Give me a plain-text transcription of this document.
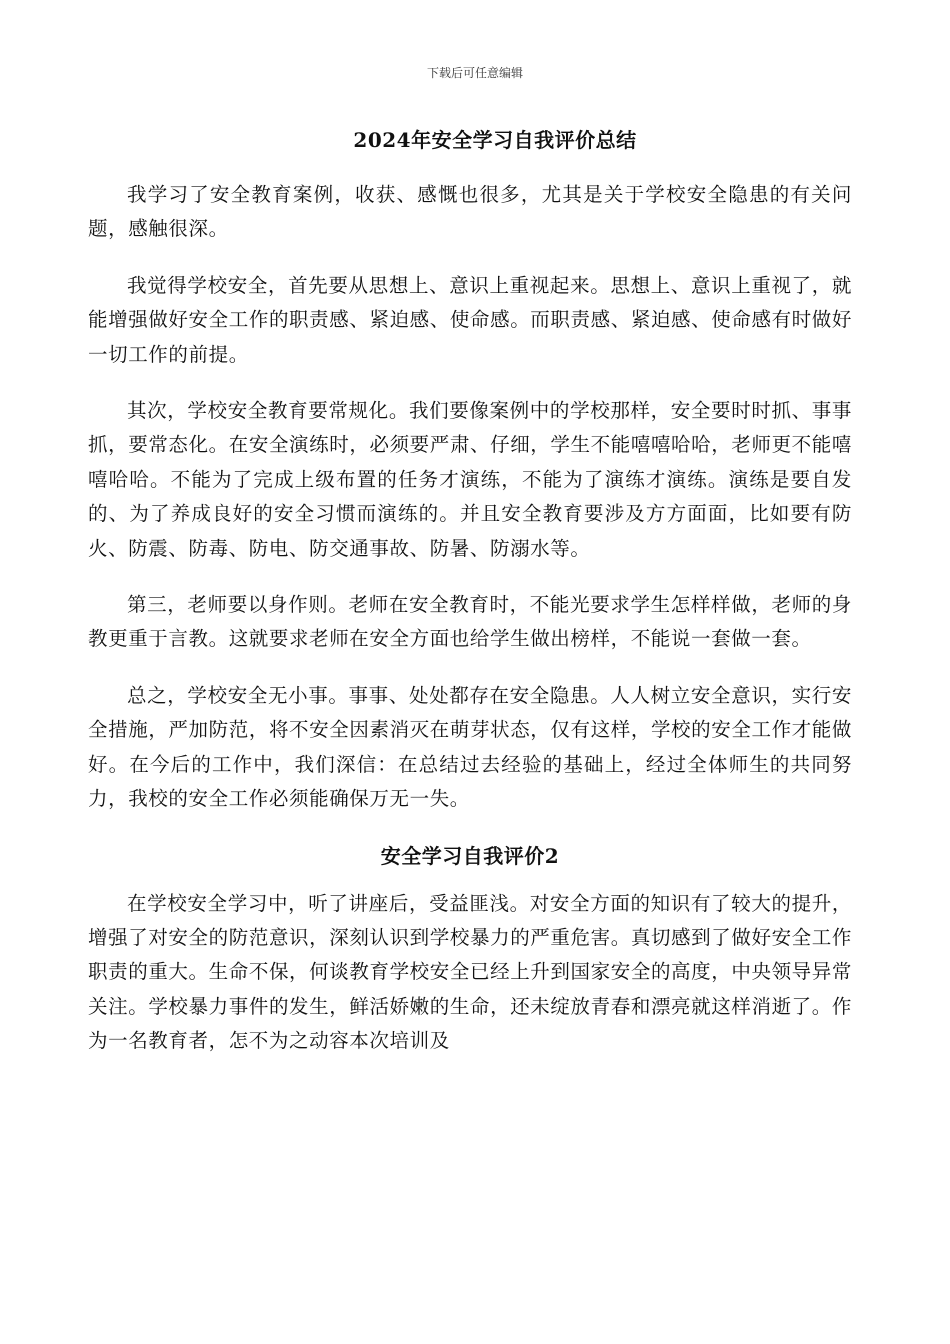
下载后可任意编辑
2024年安全学习自我评价总结

我学习了安全教育案例，收获、感慨也很多，尤其是关于学校安全隐患的有关问题，感触很深。

我觉得学校安全，首先要从思想上、意识上重视起来。思想上、意识上重视了，就能增强做好安全工作的职责感、紧迫感、使命感。而职责感、紧迫感、使命感有时做好一切工作的前提。

其次，学校安全教育要常规化。我们要像案例中的学校那样，安全要时时抓、事事抓，要常态化。在安全演练时，必须要严肃、仔细，学生不能嘻嘻哈哈，老师更不能嘻嘻哈哈。不能为了完成上级布置的任务才演练，不能为了演练才演练。演练是要自发的、为了养成良好的安全习惯而演练的。并且安全教育要涉及方方面面，比如要有防火、防震、防毒、防电、防交通事故、防暑、防溺水等。

第三，老师要以身作则。老师在安全教育时，不能光要求学生怎样样做，老师的身教更重于言教。这就要求老师在安全方面也给学生做出榜样，不能说一套做一套。

总之，学校安全无小事。事事、处处都存在安全隐患。人人树立安全意识，实行安全措施，严加防范，将不安全因素消灭在萌芽状态，仅有这样，学校的安全工作才能做好。在今后的工作中，我们深信：在总结过去经验的基础上，经过全体师生的共同努力，我校的安全工作必须能确保万无一失。

安全学习自我评价2

在学校安全学习中，听了讲座后，受益匪浅。对安全方面的知识有了较大的提升，增强了对安全的防范意识，深刻认识到学校暴力的严重危害。真切感到了做好安全工作职责的重大。生命不保，何谈教育学校安全已经上升到国家安全的高度，中央领导异常关注。学校暴力事件的发生，鲜活娇嫩的生命，还未绽放青春和漂亮就这样消逝了。作为一名教育者，怎不为之动容本次培训及
